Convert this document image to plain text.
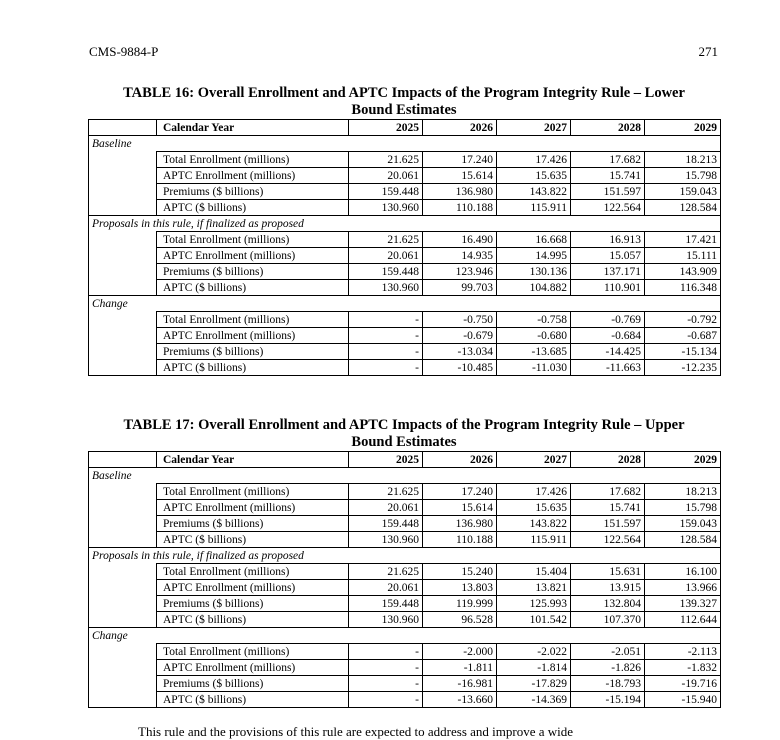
CMS-9884-P	271
TABLE 16: Overall Enrollment and APTC Impacts of the Program Integrity Rule – Lower
Bound Estimates
	Calendar Year	2025	2026	2027	2028	2029
Baseline						
	Total Enrollment (millions)	21.625	17.240	17.426	17.682	18.213
	APTC Enrollment (millions)	20.061	15.614	15.635	15.741	15.798
	Premiums ($ billions)	159.448	136.980	143.822	151.597	159.043
	APTC ($ billions)	130.960	110.188	115.911	122.564	128.584
Proposals in this rule, if finalized as proposed						
	Total Enrollment (millions)	21.625	16.490	16.668	16.913	17.421
	APTC Enrollment (millions)	20.061	14.935	14.995	15.057	15.111
	Premiums ($ billions)	159.448	123.946	130.136	137.171	143.909
	APTC ($ billions)	130.960	99.703	104.882	110.901	116.348
Change						
	Total Enrollment (millions)	-	-0.750	-0.758	-0.769	-0.792
	APTC Enrollment (millions)	-	-0.679	-0.680	-0.684	-0.687
	Premiums ($ billions)	-	-13.034	-13.685	-14.425	-15.134
	APTC ($ billions)	-	-10.485	-11.030	-11.663	-12.235
TABLE 17: Overall Enrollment and APTC Impacts of the Program Integrity Rule – Upper
Bound Estimates
	Calendar Year	2025	2026	2027	2028	2029
Baseline						
	Total Enrollment (millions)	21.625	17.240	17.426	17.682	18.213
	APTC Enrollment (millions)	20.061	15.614	15.635	15.741	15.798
	Premiums ($ billions)	159.448	136.980	143.822	151.597	159.043
	APTC ($ billions)	130.960	110.188	115.911	122.564	128.584
Proposals in this rule, if finalized as proposed						
	Total Enrollment (millions)	21.625	15.240	15.404	15.631	16.100
	APTC Enrollment (millions)	20.061	13.803	13.821	13.915	13.966
	Premiums ($ billions)	159.448	119.999	125.993	132.804	139.327
	APTC ($ billions)	130.960	96.528	101.542	107.370	112.644
Change						
	Total Enrollment (millions)	-	-2.000	-2.022	-2.051	-2.113
	APTC Enrollment (millions)	-	-1.811	-1.814	-1.826	-1.832
	Premiums ($ billions)	-	-16.981	-17.829	-18.793	-19.716
	APTC ($ billions)	-	-13.660	-14.369	-15.194	-15.940
This rule and the provisions of this rule are expected to address and improve a wide
